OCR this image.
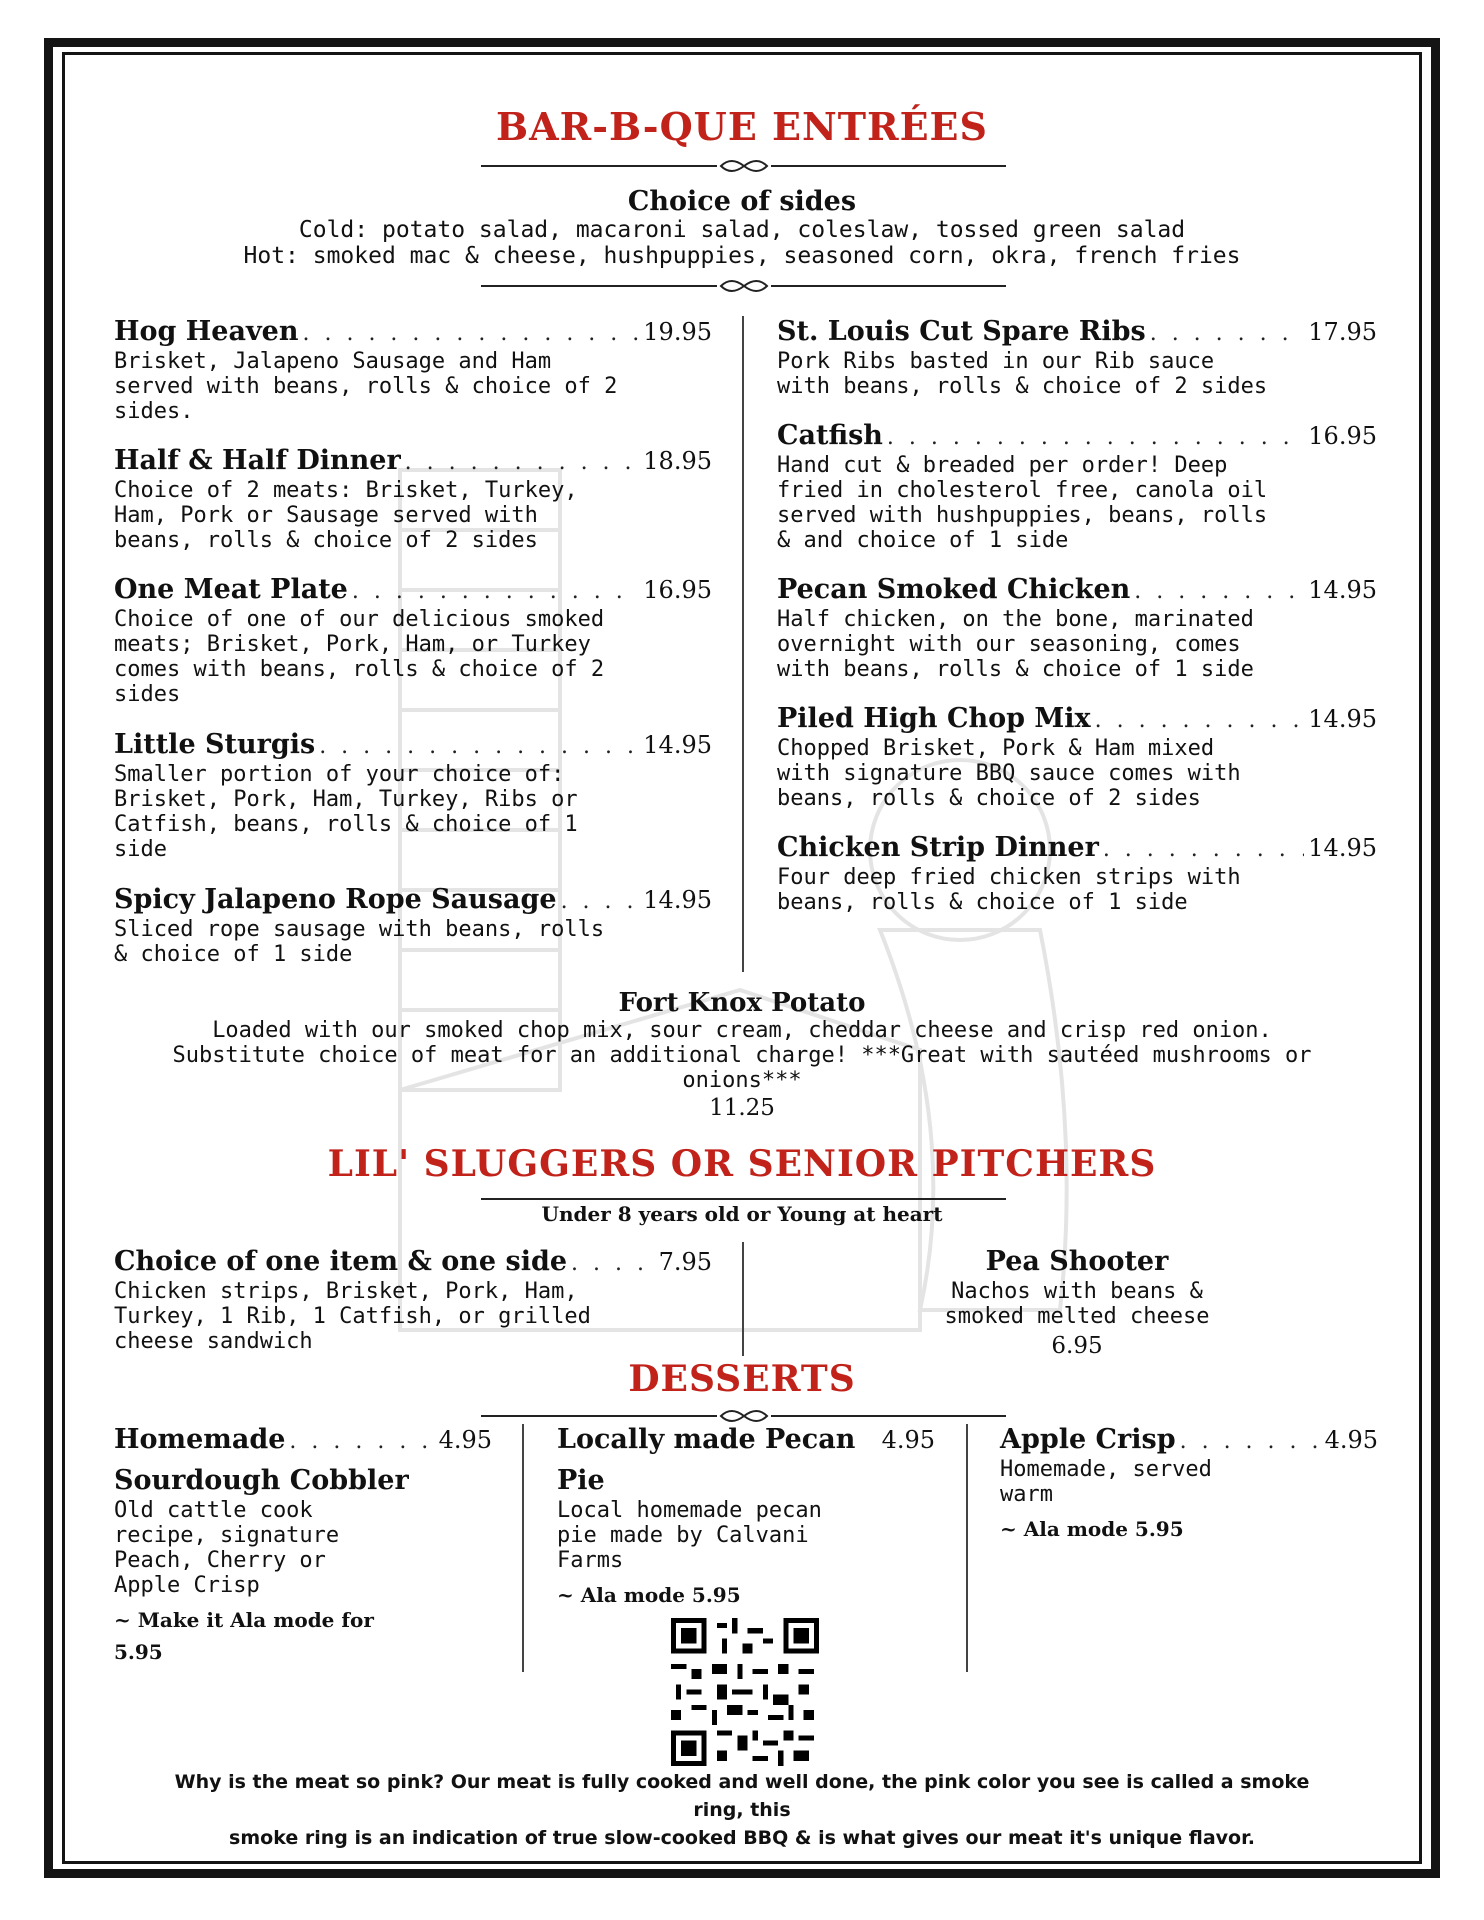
BAR-B-QUE ENTRÉES
Choice of sides
Cold: potato salad, macaroni salad, coleslaw, tossed green salad
Hot: smoked mac & cheese, hushpuppies, seasoned corn, okra, french fries
Hog Heaven . . .	19.95
Brisket, Jalapeno Sausage and Ham
served with beans, rolls & choice of 2
sides.
Half & Half Dinner . . .	18.95
Choice of 2 meats: Brisket, Turkey,
Ham, Pork or Sausage served with
beans, rolls & choice of 2 sides
One Meat Plate . . .	16.95
Choice of one of our delicious smoked
meats; Brisket, Pork, Ham, or Turkey
comes with beans, rolls & choice of 2
sides
Little Sturgis . . .	14.95
Smaller portion of your choice of:
Brisket, Pork, Ham, Turkey, Ribs or
Catfish, beans, rolls & choice of 1
side
Spicy Jalapeno Rope Sausage . . .	14.95
Sliced rope sausage with beans, rolls
& choice of 1 side
St. Louis Cut Spare Ribs . . .	17.95
Pork Ribs basted in our Rib sauce
with beans, rolls & choice of 2 sides
Catfish . . .	16.95
Hand cut & breaded per order! Deep
fried in cholesterol free, canola oil
served with hushpuppies, beans, rolls
& and choice of 1 side
Pecan Smoked Chicken . . .	14.95
Half chicken, on the bone, marinated
overnight with our seasoning, comes
with beans, rolls & choice of 1 side
Piled High Chop Mix . . .	14.95
Chopped Brisket, Pork & Ham mixed
with signature BBQ sauce comes with
beans, rolls & choice of 2 sides
Chicken Strip Dinner . . .	14.95
Four deep fried chicken strips with
beans, rolls & choice of 1 side
Fort Knox Potato
Loaded with our smoked chop mix, sour cream, cheddar cheese and crisp red onion.
Substitute choice of meat for an additional charge! ***Great with sautéed mushrooms or
onions***
11.25
LIL' SLUGGERS OR SENIOR PITCHERS
Under 8 years old or Young at heart
Choice of one item & one side . . .	7.95
Chicken strips, Brisket, Pork, Ham,
Turkey, 1 Rib, 1 Catfish, or grilled
cheese sandwich
Pea Shooter
Nachos with beans &
smoked melted cheese
6.95
DESSERTS
Homemade . . .	4.95
Sourdough Cobbler
Old cattle cook
recipe, signature
Peach, Cherry or
Apple Crisp
~ Make it Ala mode for
5.95
Locally made Pecan 4.95
Pie
Local homemade pecan
pie made by Calvani
Farms
~ Ala mode 5.95
Apple Crisp . . .	4.95
Homemade, served
warm
~ Ala mode 5.95
Why is the meat so pink? Our meat is fully cooked and well done, the pink color you see is called a smoke ring, this
smoke ring is an indication of true slow-cooked BBQ & is what gives our meat it's unique flavor.
